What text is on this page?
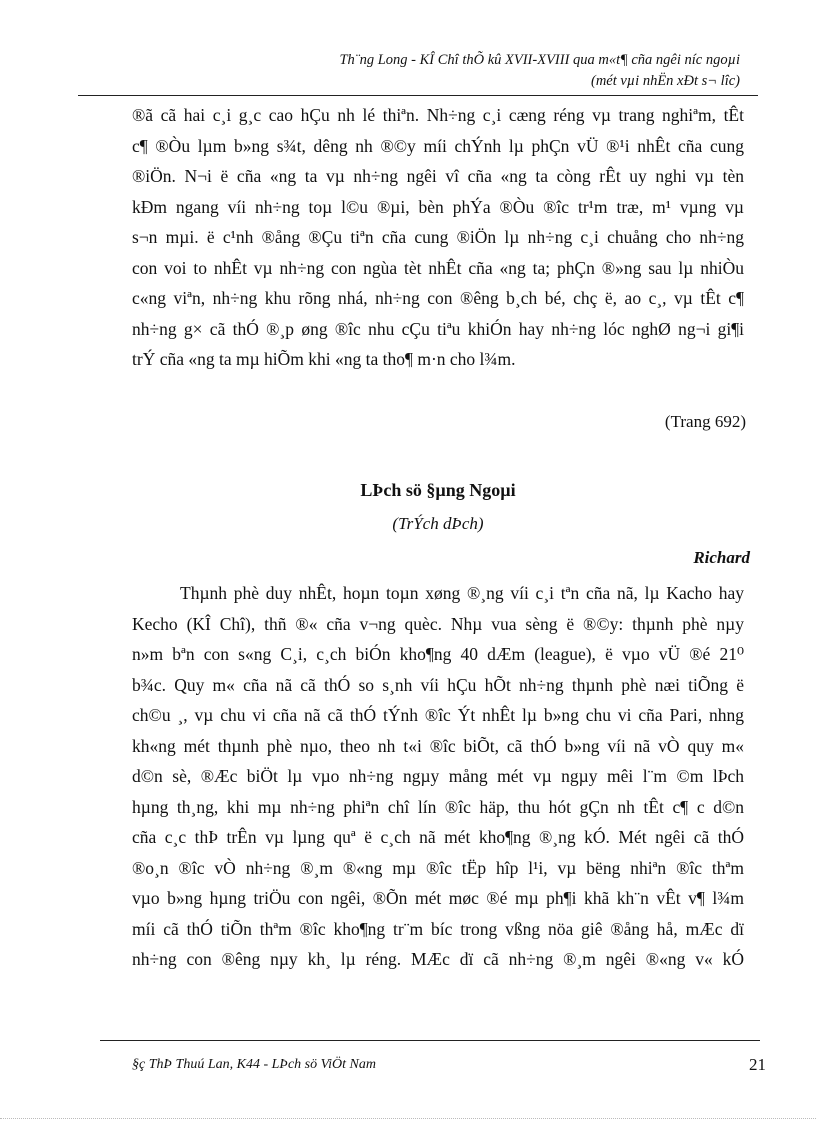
Th¨ng Long - KÎ Chî thÕ kû XVII-XVIII qua m«t¶ cña ngêi níc ngoµi
(mét vµi nhËn xÐt s¬ lîc)
®ã cã hai c¸i g¸c cao hÇu nh lé thiªn. Nh÷ng c¸i cæng réng vµ trang nghiªm, tÊt
c¶ ®Òu lµm b»ng s¾t, dêng nh ®©y míi chÝnh lµ phÇn vÜ ®¹i nhÊt cña cung
®iÖn. N¬i ë cña «ng ta vµ nh÷ng ngêi vî cña «ng ta còng rÊt uy nghi vµ tèn
kÐm ngang víi nh÷ng toµ l©u ®µi, bèn phÝa ®Òu ®îc tr¹m træ, m¹ vµng vµ
s¬n mµi. ë c¹nh ®ång ®Çu tiªn cña cung ®iÖn lµ nh÷ng c¸i chuång cho nh÷ng
con voi to nhÊt vµ nh÷ng con ngùa tèt nhÊt cña «ng ta; phÇn ®»ng sau lµ nhiÒu
c«ng viªn, nh÷ng khu rõng nhá, nh÷ng con ®êng b¸ch bé, chç ë, ao c¸, vµ tÊt c¶
nh÷ng g× cã thÓ ®¸p øng ®îc nhu cÇu tiªu khiÓn hay nh÷ng lóc nghØ ng¬i gi¶i
trÝ cña «ng ta mµ hiÕm khi «ng ta tho¶ m·n cho l¾m.
(Trang 692)
LÞch sö §µng Ngoµi
(TrÝch dÞch)
Richard
Thµnh phè duy nhÊt, hoµn toµn xøng ®¸ng víi c¸i tªn cña nã, lµ Kacho hay
Kecho (KÎ Chî), thñ ®« cña v¬ng quèc. Nhµ vua sèng ë ®©y: thµnh phè nµy
n»m bªn con s«ng C¸i, c¸ch biÓn kho¶ng 40 dÆm (league), ë vµo vÜ ®é 21⁰
b¾c. Quy m« cña nã cã thÓ so s¸nh víi hÇu hÕt nh÷ng thµnh phè næi tiÕng ë
ch©u ¸, vµ chu vi cña nã cã thÓ tÝnh ®îc Ýt nhÊt lµ b»ng chu vi cña Pari, nhng
kh«ng mét thµnh phè nµo, theo nh t«i ®îc biÕt, cã thÓ b»ng víi nã vÒ quy m«
d©n sè, ®Æc biÖt lµ vµo nh÷ng ngµy mång mét vµ ngµy mêi l¨m ©m lÞch
hµng th¸ng, khi mµ nh÷ng phiªn chî lín ®îc häp, thu hót gÇn nh tÊt c¶ c d©n
cña c¸c thÞ trÊn vµ lµng quª ë c¸ch nã mét kho¶ng ®¸ng kÓ. Mét ngêi cã thÓ
®o¸n ®îc vÒ nh÷ng ®¸m ®«ng mµ ®îc tËp hîp l¹i, vµ bëng nhiªn ®îc thªm
vµo b»ng hµng triÖu con ngêi, ®Õn mét møc ®é mµ ph¶i khã kh¨n vÊt v¶ l¾m
míi cã thÓ tiÕn thªm ®îc kho¶ng tr¨m bíc trong vßng nöa giê ®ång hå, mÆc dï
nh÷ng con ®êng nµy kh¸ lµ réng. MÆc dï cã nh÷ng ®¸m ngêi ®«ng v« kÓ
§ç ThÞ Thuú Lan, K44 - LÞch sö ViÖt Nam	21
